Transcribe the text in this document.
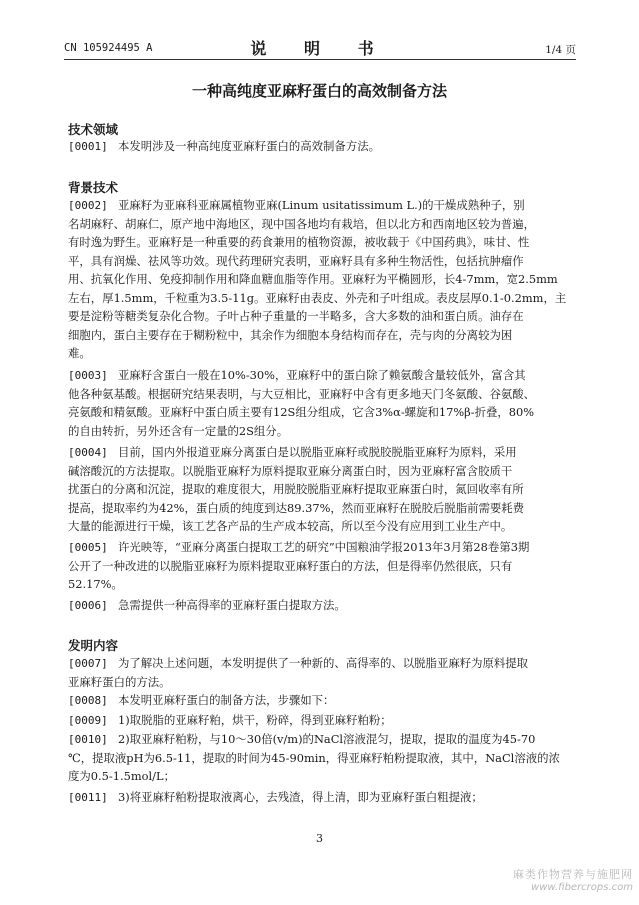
CN 105924495 A	说 明 书	1/4 页
一种高纯度亚麻籽蛋白的高效制备方法
技术领域
[0001] 本发明涉及一种高纯度亚麻籽蛋白的高效制备方法。
背景技术
[0002] 亚麻籽为亚麻科亚麻属植物亚麻(Linum usitatissimum L.)的干燥成熟种子，别
名胡麻籽、胡麻仁，原产地中海地区，现中国各地均有栽培，但以北方和西南地区较为普遍，
有时逸为野生。亚麻籽是一种重要的药食兼用的植物资源，被收载于《中国药典》，味甘、性
平，具有润燥、祛风等功效。现代药理研究表明，亚麻籽具有多种生物活性，包括抗肿瘤作
用、抗氧化作用、免疫抑制作用和降血糖血脂等作用。亚麻籽为平椭圆形，长4-7mm，宽2.5mm
左右，厚1.5mm，千粒重为3.5-11g。亚麻籽由表皮、外壳和子叶组成。表皮层厚0.1-0.2mm，主
要是淀粉等糖类复杂化合物。子叶占种子重量的一半略多，含大多数的油和蛋白质。油存在
细胞内，蛋白主要存在于糊粉粒中，其余作为细胞本身结构而存在，壳与肉的分离较为困
难。
[0003] 亚麻籽含蛋白一般在10%-30%，亚麻籽中的蛋白除了赖氨酸含量较低外，富含其
他各种氨基酸。根据研究结果表明，与大豆相比，亚麻籽中含有更多地天门冬氨酸、谷氨酸、
亮氨酸和精氨酸。亚麻籽中蛋白质主要有12S组分组成，它含3%α-螺旋和17%β-折叠，80%
的自由转折，另外还含有一定量的2S组分。
[0004] 目前，国内外报道亚麻分离蛋白是以脱脂亚麻籽或脱胶脱脂亚麻籽为原料，采用
碱溶酸沉的方法提取。以脱脂亚麻籽为原料提取亚麻分离蛋白时，因为亚麻籽富含胶质干
扰蛋白的分离和沉淀，提取的难度很大，用脱胶脱脂亚麻籽提取亚麻蛋白时，氮回收率有所
提高，提取率约为42%，蛋白质的纯度到达89.37%，然而亚麻籽在脱胶后脱脂前需要耗费
大量的能源进行干燥，该工艺各产品的生产成本较高，所以至今没有应用到工业生产中。
[0005] 许光映等，“亚麻分离蛋白提取工艺的研究”中国粮油学报2013年3月第28卷第3期
公开了一种改进的以脱脂亚麻籽为原料提取亚麻籽蛋白的方法，但是得率仍然很底，只有
52.17%。
[0006] 急需提供一种高得率的亚麻籽蛋白提取方法。
发明内容
[0007] 为了解决上述问题，本发明提供了一种新的、高得率的、以脱脂亚麻籽为原料提取
亚麻籽蛋白的方法。
[0008] 本发明亚麻籽蛋白的制备方法，步骤如下：
[0009] 1)取脱脂的亚麻籽粕，烘干，粉碎，得到亚麻籽粕粉；
[0010] 2)取亚麻籽粕粉，与10～30倍(v/m)的NaCl溶液混匀，提取，提取的温度为45-70
℃，提取液pH为6.5-11，提取的时间为45-90min，得亚麻籽粕粉提取液，其中，NaCl溶液的浓
度为0.5-1.5mol/L；
[0011] 3)将亚麻籽粕粉提取液离心，去残渣，得上清，即为亚麻籽蛋白粗提液；
3
麻类作物营养与施肥网
www.fibercrops.com
